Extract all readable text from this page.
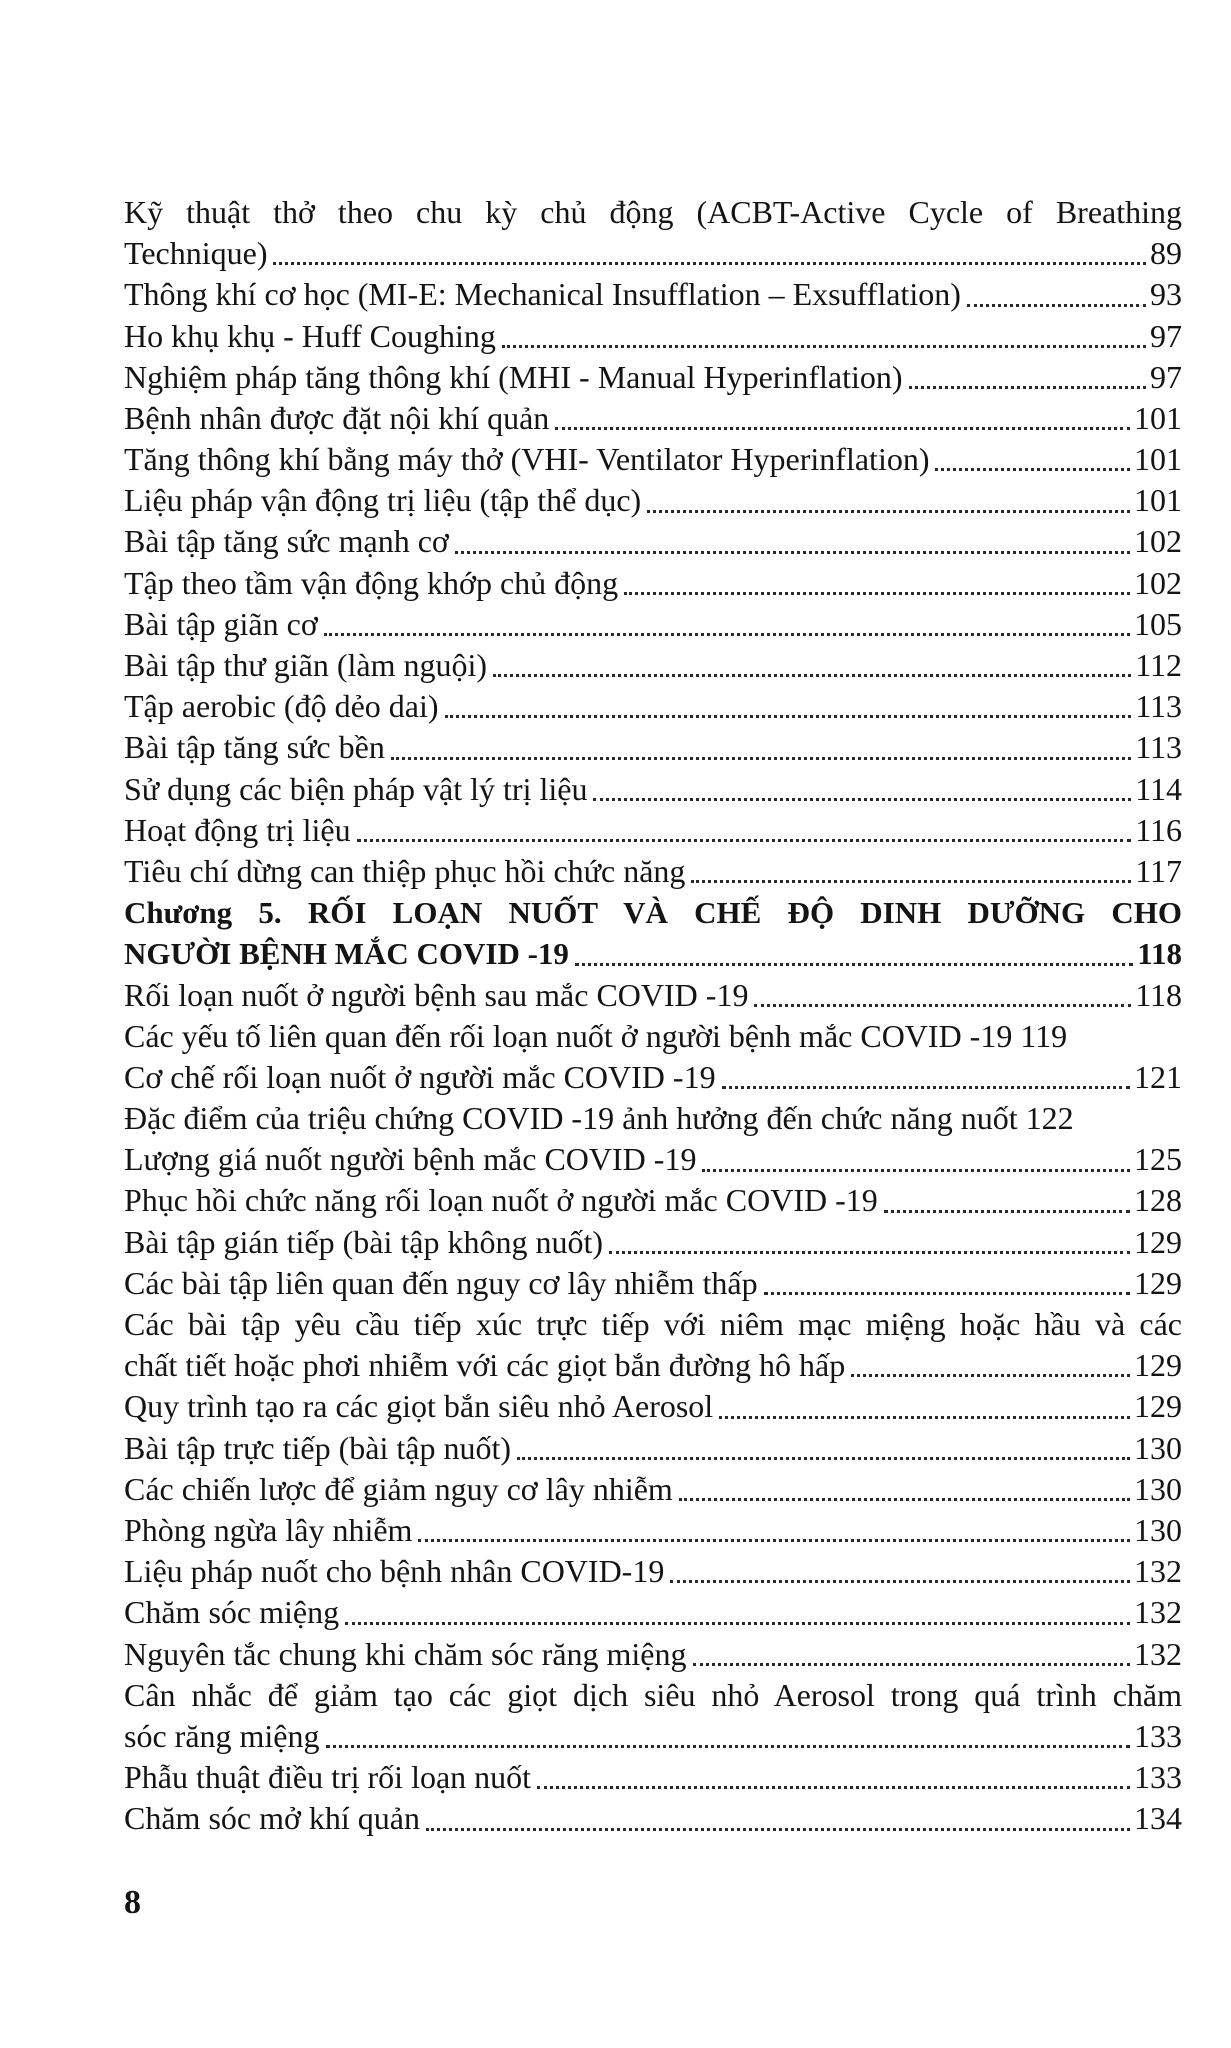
Kỹ thuật thở theo chu kỳ chủ động (ACBT-Active Cycle of Breathing
Technique)	89
Thông khí cơ học (MI-E: Mechanical Insufflation – Exsufflation)	93
Ho khụ khụ - Huff Coughing	97
Nghiệm pháp tăng thông khí (MHI - Manual Hyperinflation)	97
Bệnh nhân được đặt nội khí quản	101
Tăng thông khí bằng máy thở (VHI- Ventilator Hyperinflation)	101
Liệu pháp vận động trị liệu (tập thể dục)	101
Bài tập tăng sức mạnh cơ	102
Tập theo tầm vận động khớp chủ động	102
Bài tập giãn cơ	105
Bài tập thư giãn (làm nguội)	112
Tập aerobic (độ dẻo dai)	113
Bài tập tăng sức bền	113
Sử dụng các biện pháp vật lý trị liệu	114
Hoạt động trị liệu	116
Tiêu chí dừng can thiệp phục hồi chức năng	117
Chương 5. RỐI LOẠN NUỐT VÀ CHẾ ĐỘ DINH DƯỠNG CHO
NGƯỜI BỆNH MẮC COVID -19	118
Rối loạn nuốt ở người bệnh sau mắc COVID -19	118
Các yếu tố liên quan đến rối loạn nuốt ở người bệnh mắc COVID -19 119
Cơ chế rối loạn nuốt ở người mắc COVID -19	121
Đặc điểm của triệu chứng COVID -19 ảnh hưởng đến chức năng nuốt 122
Lượng giá nuốt người bệnh mắc COVID -19	125
Phục hồi chức năng rối loạn nuốt ở người mắc COVID -19	128
Bài tập gián tiếp (bài tập không nuốt)	129
Các bài tập liên quan đến nguy cơ lây nhiễm thấp	129
Các bài tập yêu cầu tiếp xúc trực tiếp với niêm mạc miệng hoặc hầu và các
chất tiết hoặc phơi nhiễm với các giọt bắn đường hô hấp	129
Quy trình tạo ra các giọt bắn siêu nhỏ Aerosol	129
Bài tập trực tiếp (bài tập nuốt)	130
Các chiến lược để giảm nguy cơ lây nhiễm	130
Phòng ngừa lây nhiễm	130
Liệu pháp nuốt cho bệnh nhân COVID-19	132
Chăm sóc miệng	132
Nguyên tắc chung khi chăm sóc răng miệng	132
Cân nhắc để giảm tạo các giọt dịch siêu nhỏ Aerosol trong quá trình chăm
sóc răng miệng	133
Phẫu thuật điều trị rối loạn nuốt	133
Chăm sóc mở khí quản	134
8
